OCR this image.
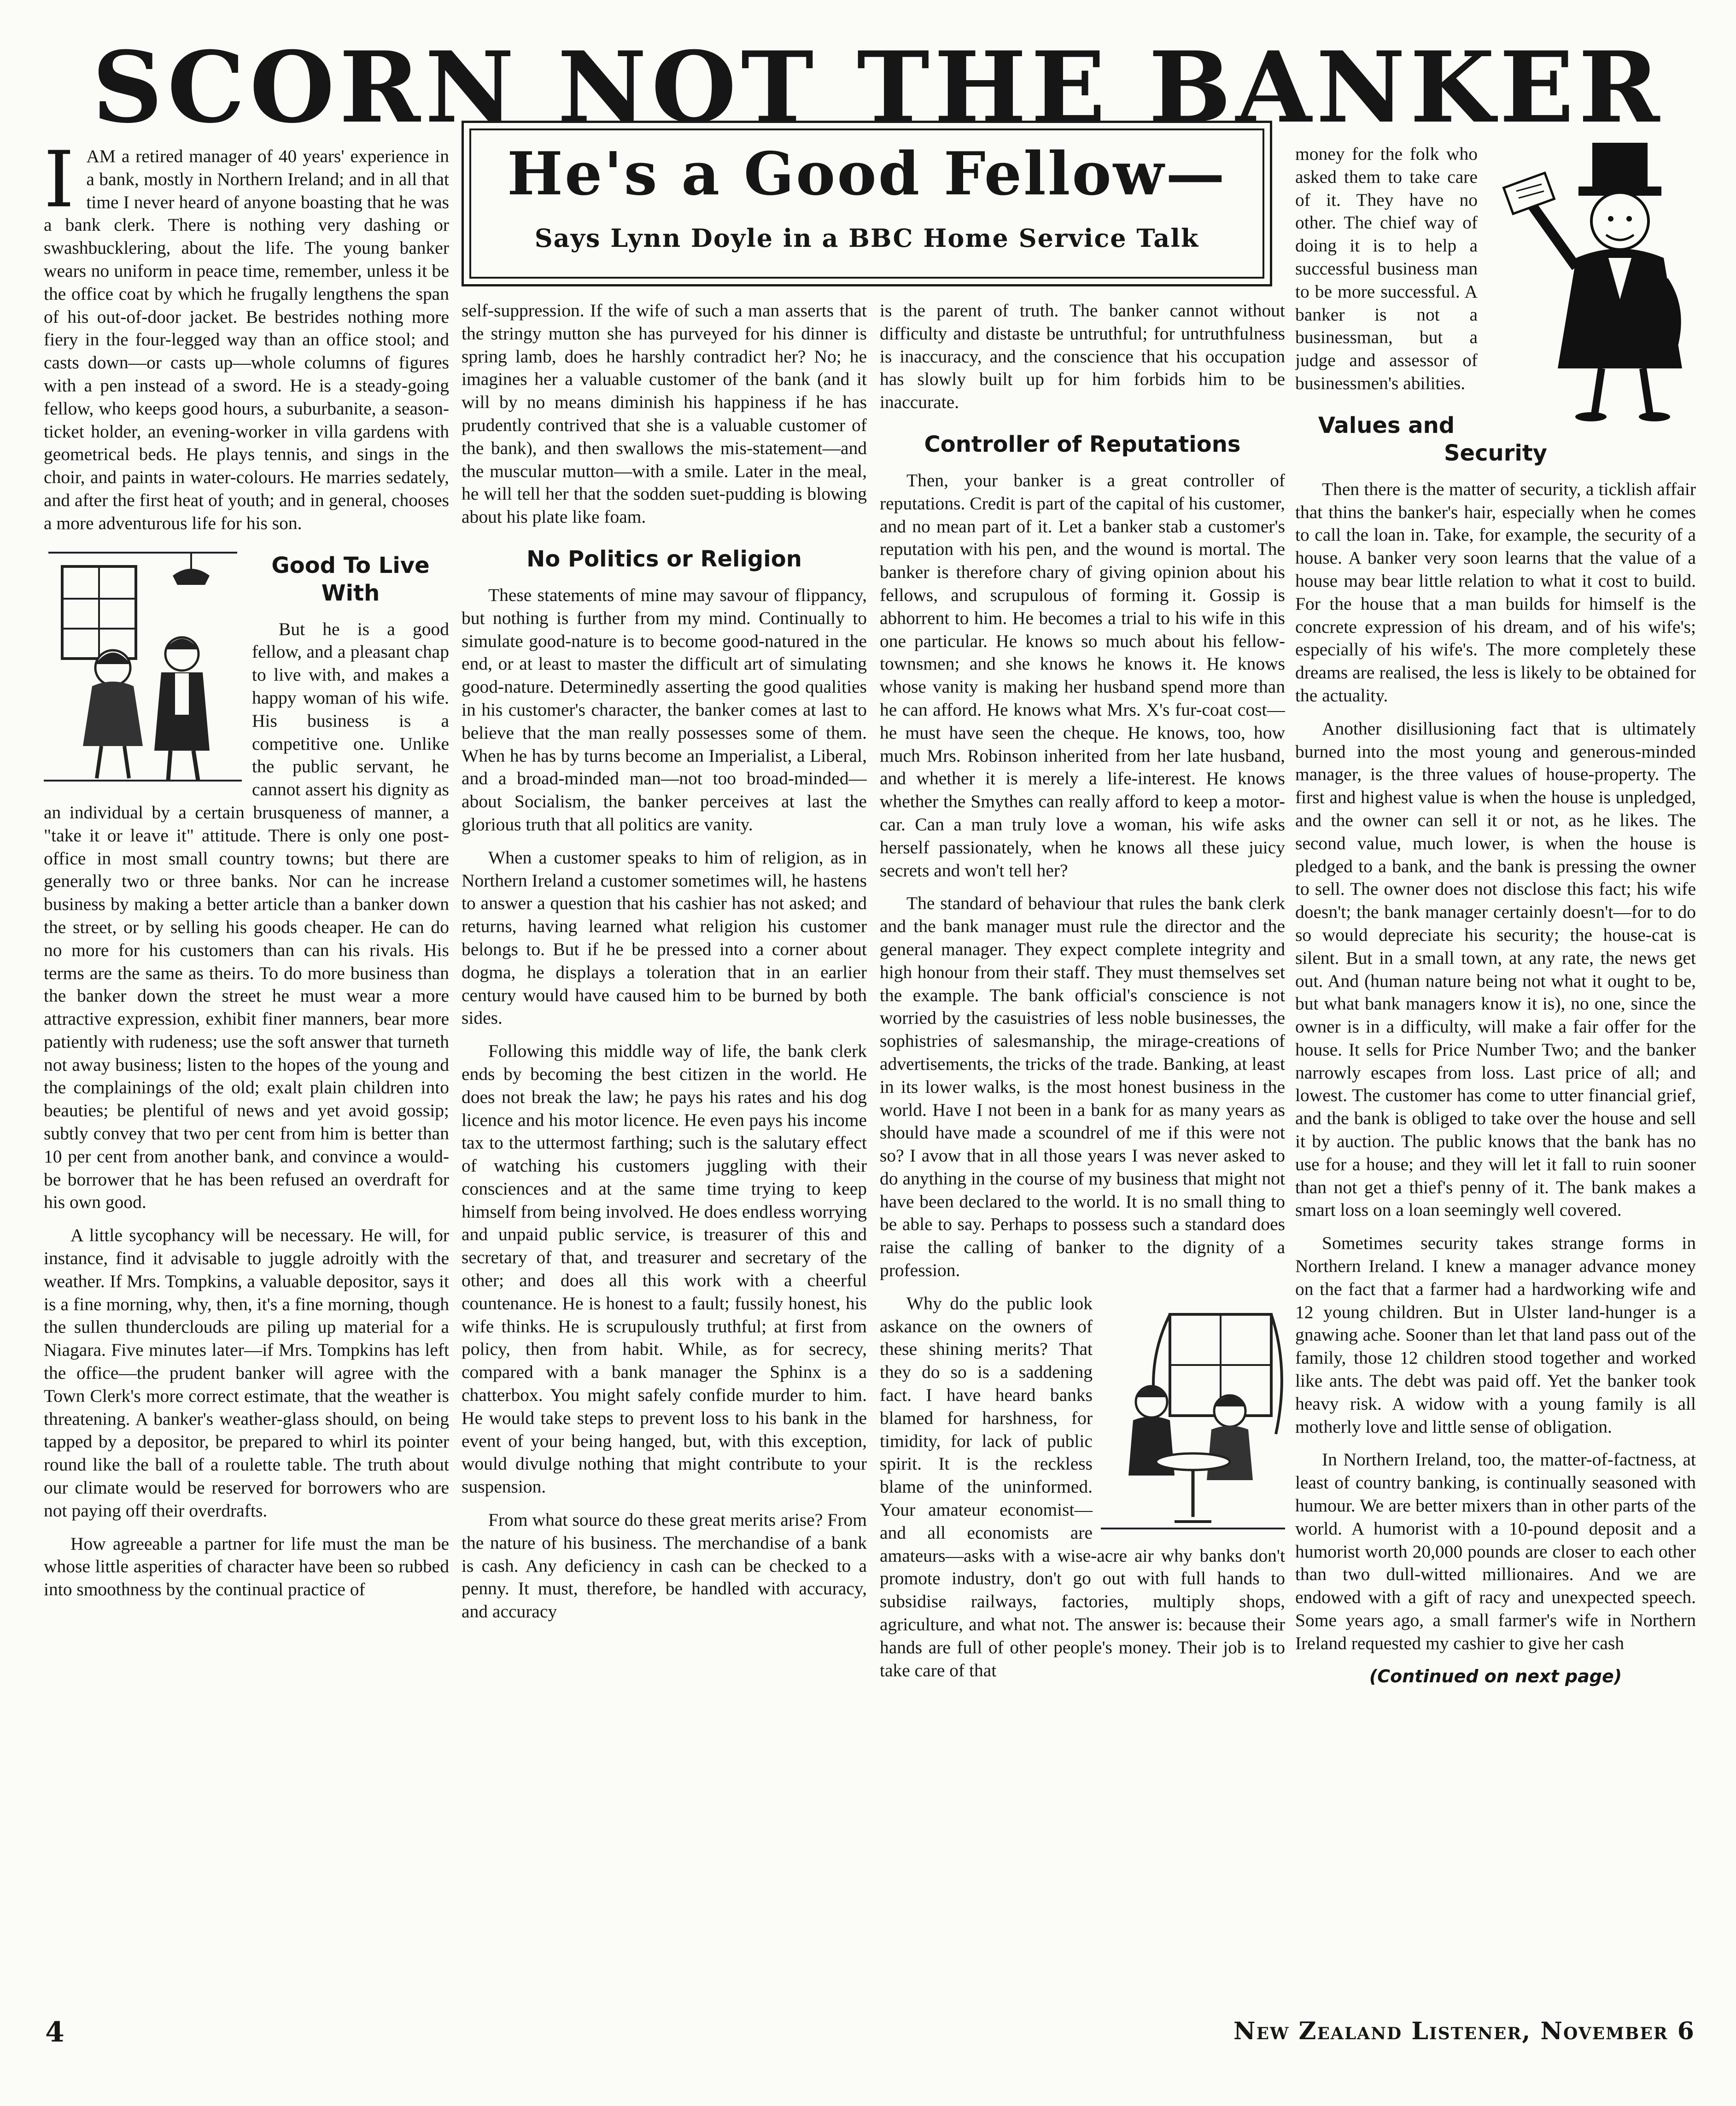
SCORN NOT THE BANKER
I AM a retired manager of 40 years' experience in a bank, mostly in Northern Ireland; and in all that time I never heard of anyone boasting that he was a bank clerk. There is nothing very dashing or swashbucklering, about the life. The young banker wears no uniform in peace time, remember, unless it be the office coat by which he frugally lengthens the span of his out-of-door jacket. Be bestrides nothing more fiery in the four-legged way than an office stool; and casts down—or casts up—whole columns of figures with a pen instead of a sword. He is a steady-going fellow, who keeps good hours, a suburbanite, a season-ticket holder, an evening-worker in villa gardens with geometrical beds. He plays tennis, and sings in the choir, and paints in water-colours. He marries sedately, and after the first heat of youth; and in general, chooses a more adventurous life for his son.

Good To Live With

But he is a good fellow, and a pleasant chap to live with, and makes a happy woman of his wife. His business is a competitive one. Unlike the public servant, he cannot assert his dignity as an individual by a certain brusqueness of manner, a "take it or leave it" attitude. There is only one post-office in most small country towns; but there are generally two or three banks. Nor can he increase business by making a better article than a banker down the street, or by selling his goods cheaper. He can do no more for his customers than can his rivals. His terms are the same as theirs. To do more business than the banker down the street he must wear a more attractive expression, exhibit finer manners, bear more patiently with rudeness; use the soft answer that turneth not away business; listen to the hopes of the young and the complainings of the old; exalt plain children into beauties; be plentiful of news and yet avoid gossip; subtly convey that two per cent from him is better than 10 per cent from another bank, and convince a would-be borrower that he has been refused an overdraft for his own good.

A little sycophancy will be necessary. He will, for instance, find it advisable to juggle adroitly with the weather. If Mrs. Tompkins, a valuable depositor, says it is a fine morning, why, then, it's a fine morning, though the sullen thunderclouds are piling up material for a Niagara. Five minutes later—if Mrs. Tompkins has left the office—the prudent banker will agree with the Town Clerk's more correct estimate, that the weather is threatening. A banker's weather-glass should, on being tapped by a depositor, be prepared to whirl its pointer round like the ball of a roulette table. The truth about our climate would be reserved for borrowers who are not paying off their overdrafts.

How agreeable a partner for life must the man be whose little asperities of character have been so rubbed into smoothness by the continual practice of

He's a Good Fellow—
Says Lynn Doyle in a BBC Home Service Talk

self-suppression. If the wife of such a man asserts that the stringy mutton she has purveyed for his dinner is spring lamb, does he harshly contradict her? No; he imagines her a valuable customer of the bank (and it will by no means diminish his happiness if he has prudently contrived that she is a valuable customer of the bank), and then swallows the mis-statement—and the muscular mutton—with a smile. Later in the meal, he will tell her that the sodden suet-pudding is blowing about his plate like foam.

No Politics or Religion

These statements of mine may savour of flippancy, but nothing is further from my mind. Continually to simulate good-nature is to become good-natured in the end, or at least to master the difficult art of simulating good-nature. Determinedly asserting the good qualities in his customer's character, the banker comes at last to believe that the man really possesses some of them. When he has by turns become an Imperialist, a Liberal, and a broad-minded man—not too broad-minded—about Socialism, the banker perceives at last the glorious truth that all politics are vanity.

When a customer speaks to him of religion, as in Northern Ireland a customer sometimes will, he hastens to answer a question that his cashier has not asked; and returns, having learned what religion his customer belongs to. But if he be pressed into a corner about dogma, he displays a toleration that in an earlier century would have caused him to be burned by both sides.

Following this middle way of life, the bank clerk ends by becoming the best citizen in the world. He does not break the law; he pays his rates and his dog licence and his motor licence. He even pays his income tax to the uttermost farthing; such is the salutary effect of watching his customers juggling with their consciences and at the same time trying to keep himself from being involved. He does endless worrying and unpaid public service, is treasurer of this and secretary of that, and treasurer and secretary of the other; and does all this work with a cheerful countenance. He is honest to a fault; fussily honest, his wife thinks. He is scrupulously truthful; at first from policy, then from habit. While, as for secrecy, compared with a bank manager the Sphinx is a chatterbox. You might safely confide murder to him. He would take steps to prevent loss to his bank in the event of your being hanged, but, with this exception, would divulge nothing that might contribute to your suspension.

From what source do these great merits arise? From the nature of his business. The merchandise of a bank is cash. Any deficiency in cash can be checked to a penny. It must, therefore, be handled with accuracy, and accuracy

is the parent of truth. The banker cannot without difficulty and distaste be untruthful; for untruthfulness is inaccuracy, and the conscience that his occupation has slowly built up for him forbids him to be inaccurate.

Controller of Reputations

Then, your banker is a great controller of reputations. Credit is part of the capital of his customer, and no mean part of it. Let a banker stab a customer's reputation with his pen, and the wound is mortal. The banker is therefore chary of giving opinion about his fellows, and scrupulous of forming it. Gossip is abhorrent to him. He becomes a trial to his wife in this one particular. He knows so much about his fellow-townsmen; and she knows he knows it. He knows whose vanity is making her husband spend more than he can afford. He knows what Mrs. X's fur-coat cost—he must have seen the cheque. He knows, too, how much Mrs. Robinson inherited from her late husband, and whether it is merely a life-interest. He knows whether the Smythes can really afford to keep a motor-car. Can a man truly love a woman, his wife asks herself passionately, when he knows all these juicy secrets and won't tell her?

The standard of behaviour that rules the bank clerk and the bank manager must rule the director and the general manager. They expect complete integrity and high honour from their staff. They must themselves set the example. The bank official's conscience is not worried by the casuistries of less noble businesses, the sophistries of salesmanship, the mirage-creations of advertisements, the tricks of the trade. Banking, at least in its lower walks, is the most honest business in the world. Have I not been in a bank for as many years as should have made a scoundrel of me if this were not so? I avow that in all those years I was never asked to do anything in the course of my business that might not have been declared to the world. It is no small thing to be able to say. Perhaps to possess such a standard does raise the calling of banker to the dignity of a profession.

Why do the public look askance on the owners of these shining merits? That they do so is a saddening fact. I have heard banks blamed for harshness, for timidity, for lack of public spirit. It is the reckless blame of the uninformed. Your amateur economist—and all economists are amateurs—asks with a wise-acre air why banks don't promote industry, don't go out with full hands to subsidise railways, factories, multiply shops, agriculture, and what not. The answer is: because their hands are full of other people's money. Their job is to take care of that

money for the folk who asked them to take care of it. They have no other. The chief way of doing it is to help a successful business man to be more successful. A banker is not a businessman, but a judge and assessor of businessmen's abilities.

Values and Security

Then there is the matter of security, a ticklish affair that thins the banker's hair, especially when he comes to call the loan in. Take, for example, the security of a house. A banker very soon learns that the value of a house may bear little relation to what it cost to build. For the house that a man builds for himself is the concrete expression of his dream, and of his wife's; especially of his wife's. The more completely these dreams are realised, the less is likely to be obtained for the actuality.

Another disillusioning fact that is ultimately burned into the most young and generous-minded manager, is the three values of house-property. The first and highest value is when the house is unpledged, and the owner can sell it or not, as he likes. The second value, much lower, is when the house is pledged to a bank, and the bank is pressing the owner to sell. The owner does not disclose this fact; his wife doesn't; the bank manager certainly doesn't—for to do so would depreciate his security; the house-cat is silent. But in a small town, at any rate, the news get out. And (human nature being not what it ought to be, but what bank managers know it is), no one, since the owner is in a difficulty, will make a fair offer for the house. It sells for Price Number Two; and the banker narrowly escapes from loss. Last price of all; and lowest. The customer has come to utter financial grief, and the bank is obliged to take over the house and sell it by auction. The public knows that the bank has no use for a house; and they will let it fall to ruin sooner than not get a thief's penny of it. The bank makes a smart loss on a loan seemingly well covered.

Sometimes security takes strange forms in Northern Ireland. I knew a manager advance money on the fact that a farmer had a hardworking wife and 12 young children. But in Ulster land-hunger is a gnawing ache. Sooner than let that land pass out of the family, those 12 children stood together and worked like ants. The debt was paid off. Yet the banker took heavy risk. A widow with a young family is all motherly love and little sense of obligation.

In Northern Ireland, too, the matter-of-factness, at least of country banking, is continually seasoned with humour. We are better mixers than in other parts of the world. A humorist with a 10-pound deposit and a humorist worth 20,000 pounds are closer to each other than two dull-witted millionaires. And we are endowed with a gift of racy and unexpected speech. Some years ago, a small farmer's wife in Northern Ireland requested my cashier to give her cash

(Continued on next page)

4	New Zealand Listener, November 6
